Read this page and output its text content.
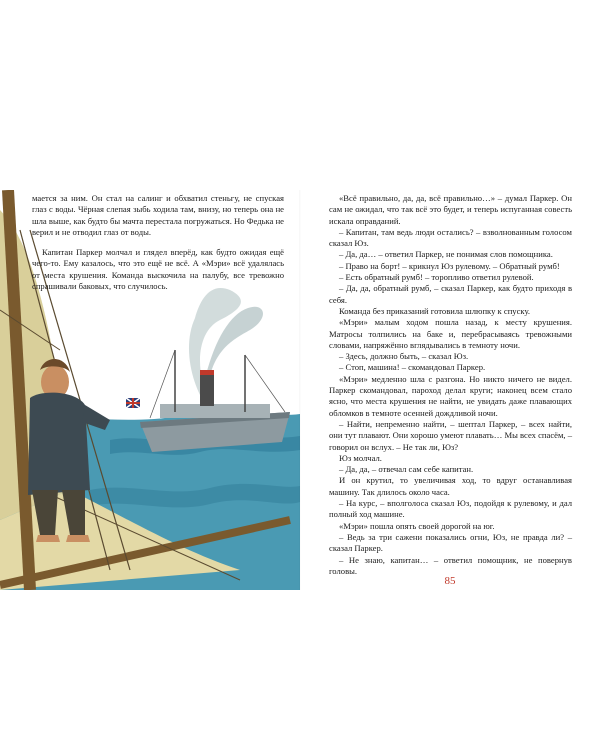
мается за ним. Он стал на салинг и обхватил стеньгу, не спуская глаз с воды. Чёрная слепая зыбь ходила там, внизу, но теперь она не шла выше, как будто бы мачта перестала погружаться. Но Федька не верил и не отводил глаз от воды.

Капитан Паркер молчал и глядел вперёд, как будто ожидая ещё чего-то. Ему казалось, что это ещё не всё. А «Мэри» всё удалялась от места крушения. Команда выскочила на палубу, все тревожно спрашивали баковых, что случилось.

«Всё правильно, да, да, всё правильно…» – думал Паркер. Он сам не ожидал, что так всё это будет, и теперь испуганная совесть искала оправданий.

– Капитан, там ведь люди остались? – взволнованным голосом сказал Юз.

– Да, да… – ответил Паркер, не понимая слов помощника.

– Право на борт! – крикнул Юз рулевому. – Обратный румб!

– Есть обратный румб! – торопливо ответил рулевой.

– Да, да, обратный румб, – сказал Паркер, как будто приходя в себя.

Команда без приказаний готовила шлюпку к спуску.

«Мэри» малым ходом пошла назад, к месту крушения. Матросы толпились на баке и, перебрасываясь тревожными словами, напряжённо вглядывались в темноту ночи.

– Здесь, должно быть, – сказал Юз.

– Стоп, машина! – скомандовал Паркер.

«Мэри» медленно шла с разгона. Но никто ничего не видел. Паркер скомандовал, пароход делал круги; наконец всем стало ясно, что места крушения не найти, не увидать даже плавающих обломков в темноте осенней дождливой ночи.

– Найти, непременно найти, – шептал Паркер, – всех найти, они тут плавают. Они хорошо умеют плавать… Мы всех спасём, – говорил он вслух. – Не так ли, Юз?

Юз молчал.

– Да, да, – отвечал сам себе капитан.

И он крутил, то увеличивая ход, то вдруг останавливая машину. Так длилось около часа.

– На курс, – вполголоса сказал Юз, подойдя к рулевому, и дал полный ход машине.

«Мэри» пошла опять своей дорогой на юг.

– Ведь за три сажени показались огни, Юз, не правда ли? – сказал Паркер.

– Не знаю, капитан… – ответил помощник, не повернув головы.

85
